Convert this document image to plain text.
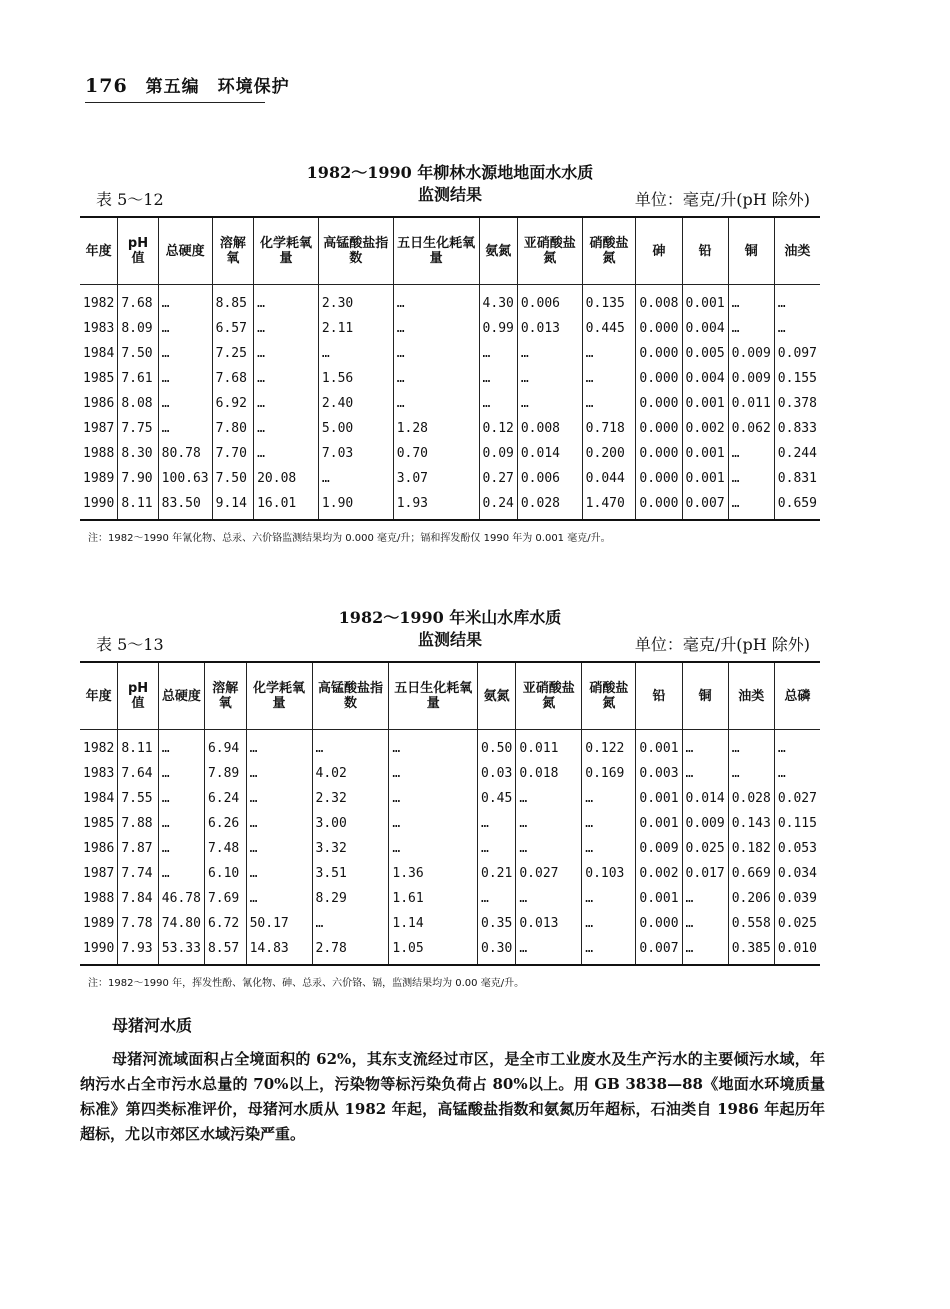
176 第五编　环境保护
1982～1990 年柳林水源地地面水水质
监测结果
表 5～12	单位：毫克/升(pH 除外)
年度	pH 值	总硬度	溶解氧	化学耗氧量	高锰酸盐指数	五日生化耗氧量	氨氮	亚硝酸盐氮	硝酸盐氮	砷	铅	铜	油类
1982	7.68	…	8.85	…	2.30	…	4.30	0.006	0.135	0.008	0.001	…	…
1983	8.09	…	6.57	…	2.11	…	0.99	0.013	0.445	0.000	0.004	…	…
1984	7.50	…	7.25	…	…	…	…	…	…	0.000	0.005	0.009	0.097
1985	7.61	…	7.68	…	1.56	…	…	…	…	0.000	0.004	0.009	0.155
1986	8.08	…	6.92	…	2.40	…	…	…	…	0.000	0.001	0.011	0.378
1987	7.75	…	7.80	…	5.00	1.28	0.12	0.008	0.718	0.000	0.002	0.062	0.833
1988	8.30	80.78	7.70	…	7.03	0.70	0.09	0.014	0.200	0.000	0.001	…	0.244
1989	7.90	100.63	7.50	20.08	…	3.07	0.27	0.006	0.044	0.000	0.001	…	0.831
1990	8.11	83.50	9.14	16.01	1.90	1.93	0.24	0.028	1.470	0.000	0.007	…	0.659
注：1982～1990 年氰化物、总汞、六价铬监测结果均为 0.000 毫克/升；镉和挥发酚仅 1990 年为 0.001 毫克/升。
1982～1990 年米山水库水质
监测结果
表 5～13	单位：毫克/升(pH 除外)
年度	pH 值	总硬度	溶解氧	化学耗氧量	高锰酸盐指数	五日生化耗氧量	氨氮	亚硝酸盐氮	硝酸盐氮	铅	铜	油类	总磷
1982	8.11	…	6.94	…	…	…	0.50	0.011	0.122	0.001	…	…	…
1983	7.64	…	7.89	…	4.02	…	0.03	0.018	0.169	0.003	…	…	…
1984	7.55	…	6.24	…	2.32	…	0.45	…	…	0.001	0.014	0.028	0.027
1985	7.88	…	6.26	…	3.00	…	…	…	…	0.001	0.009	0.143	0.115
1986	7.87	…	7.48	…	3.32	…	…	…	…	0.009	0.025	0.182	0.053
1987	7.74	…	6.10	…	3.51	1.36	0.21	0.027	0.103	0.002	0.017	0.669	0.034
1988	7.84	46.78	7.69	…	8.29	1.61	…	…	…	0.001	…	0.206	0.039
1989	7.78	74.80	6.72	50.17	…	1.14	0.35	0.013	…	0.000	…	0.558	0.025
1990	7.93	53.33	8.57	14.83	2.78	1.05	0.30	…	…	0.007	…	0.385	0.010
注：1982～1990 年，挥发性酚、氰化物、砷、总汞、六价铬、镉，监测结果均为 0.00 毫克/升。
母猪河水质
母猪河流域面积占全境面积的 62%，其东支流经过市区，是全市工业废水及生产污水的主要倾污水域，年纳污水占全市污水总量的 70%以上，污染物等标污染负荷占 80%以上。用 GB 3838—88《地面水环境质量标准》第四类标准评价，母猪河水质从 1982 年起，高锰酸盐指数和氨氮历年超标，石油类自 1986 年起历年超标，尤以市郊区水域污染严重。
